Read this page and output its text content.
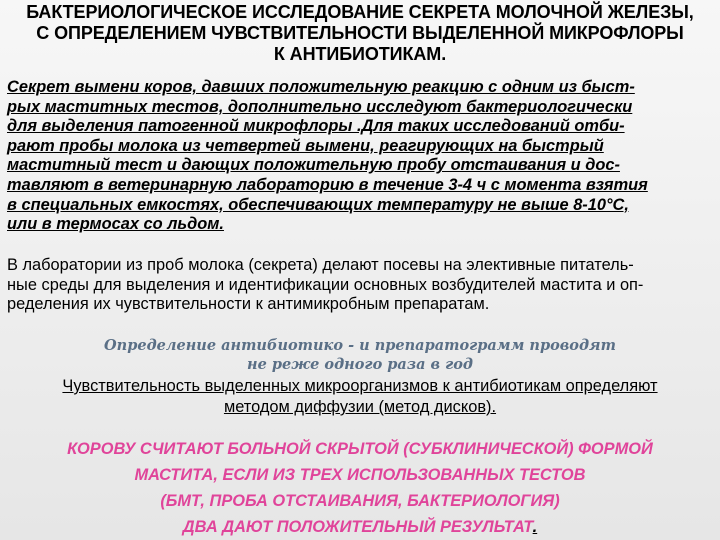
БАКТЕРИОЛОГИЧЕСКОЕ ИССЛЕДОВАНИЕ СЕКРЕТА МОЛОЧНОЙ ЖЕЛЕЗЫ,
С ОПРЕДЕЛЕНИЕМ ЧУВСТВИТЕЛЬНОСТИ ВЫДЕЛЕННОЙ МИКРОФЛОРЫ
К АНТИБИОТИКАМ.
Секрет вымени коров, давших положительную реакцию с одним из быст-
рых маститных тестов, дополнительно исследуют бактериологически
для выделения патогенной микрофлоры .Для таких исследований отби-
рают пробы молока из четвертей вымени, реагирующих на быстрый
маститный тест и дающих положительную пробу отстаивания и дос-
тавляют в ветеринарную лабораторию в течение 3-4 ч с момента взятия
в специальных емкостях, обеспечивающих температуру не выше 8-10°С,
или в термосах со льдом.
В лаборатории из проб молока (секрета) делают посевы на элективные питатель-
ные среды для выделения и идентификации основных возбудителей мастита и оп-
ределения их чувствительности к антимикробным препаратам.
Определение антибиотико - и препаратограмм проводят
не реже одного раза в год
Чувствительность выделенных микроорганизмов к антибиотикам определяют
методом диффузии (метод дисков).
КОРОВУ СЧИТАЮТ БОЛЬНОЙ СКРЫТОЙ (СУБКЛИНИЧЕСКОЙ) ФОРМОЙ
МАСТИТА, ЕСЛИ ИЗ ТРЕХ ИСПОЛЬЗОВАННЫХ ТЕСТОВ
(БМТ, ПРОБА ОТСТАИВАНИЯ, БАКТЕРИОЛОГИЯ)
ДВА ДАЮТ ПОЛОЖИТЕЛЬНЫЙ РЕЗУЛЬТАТ.
